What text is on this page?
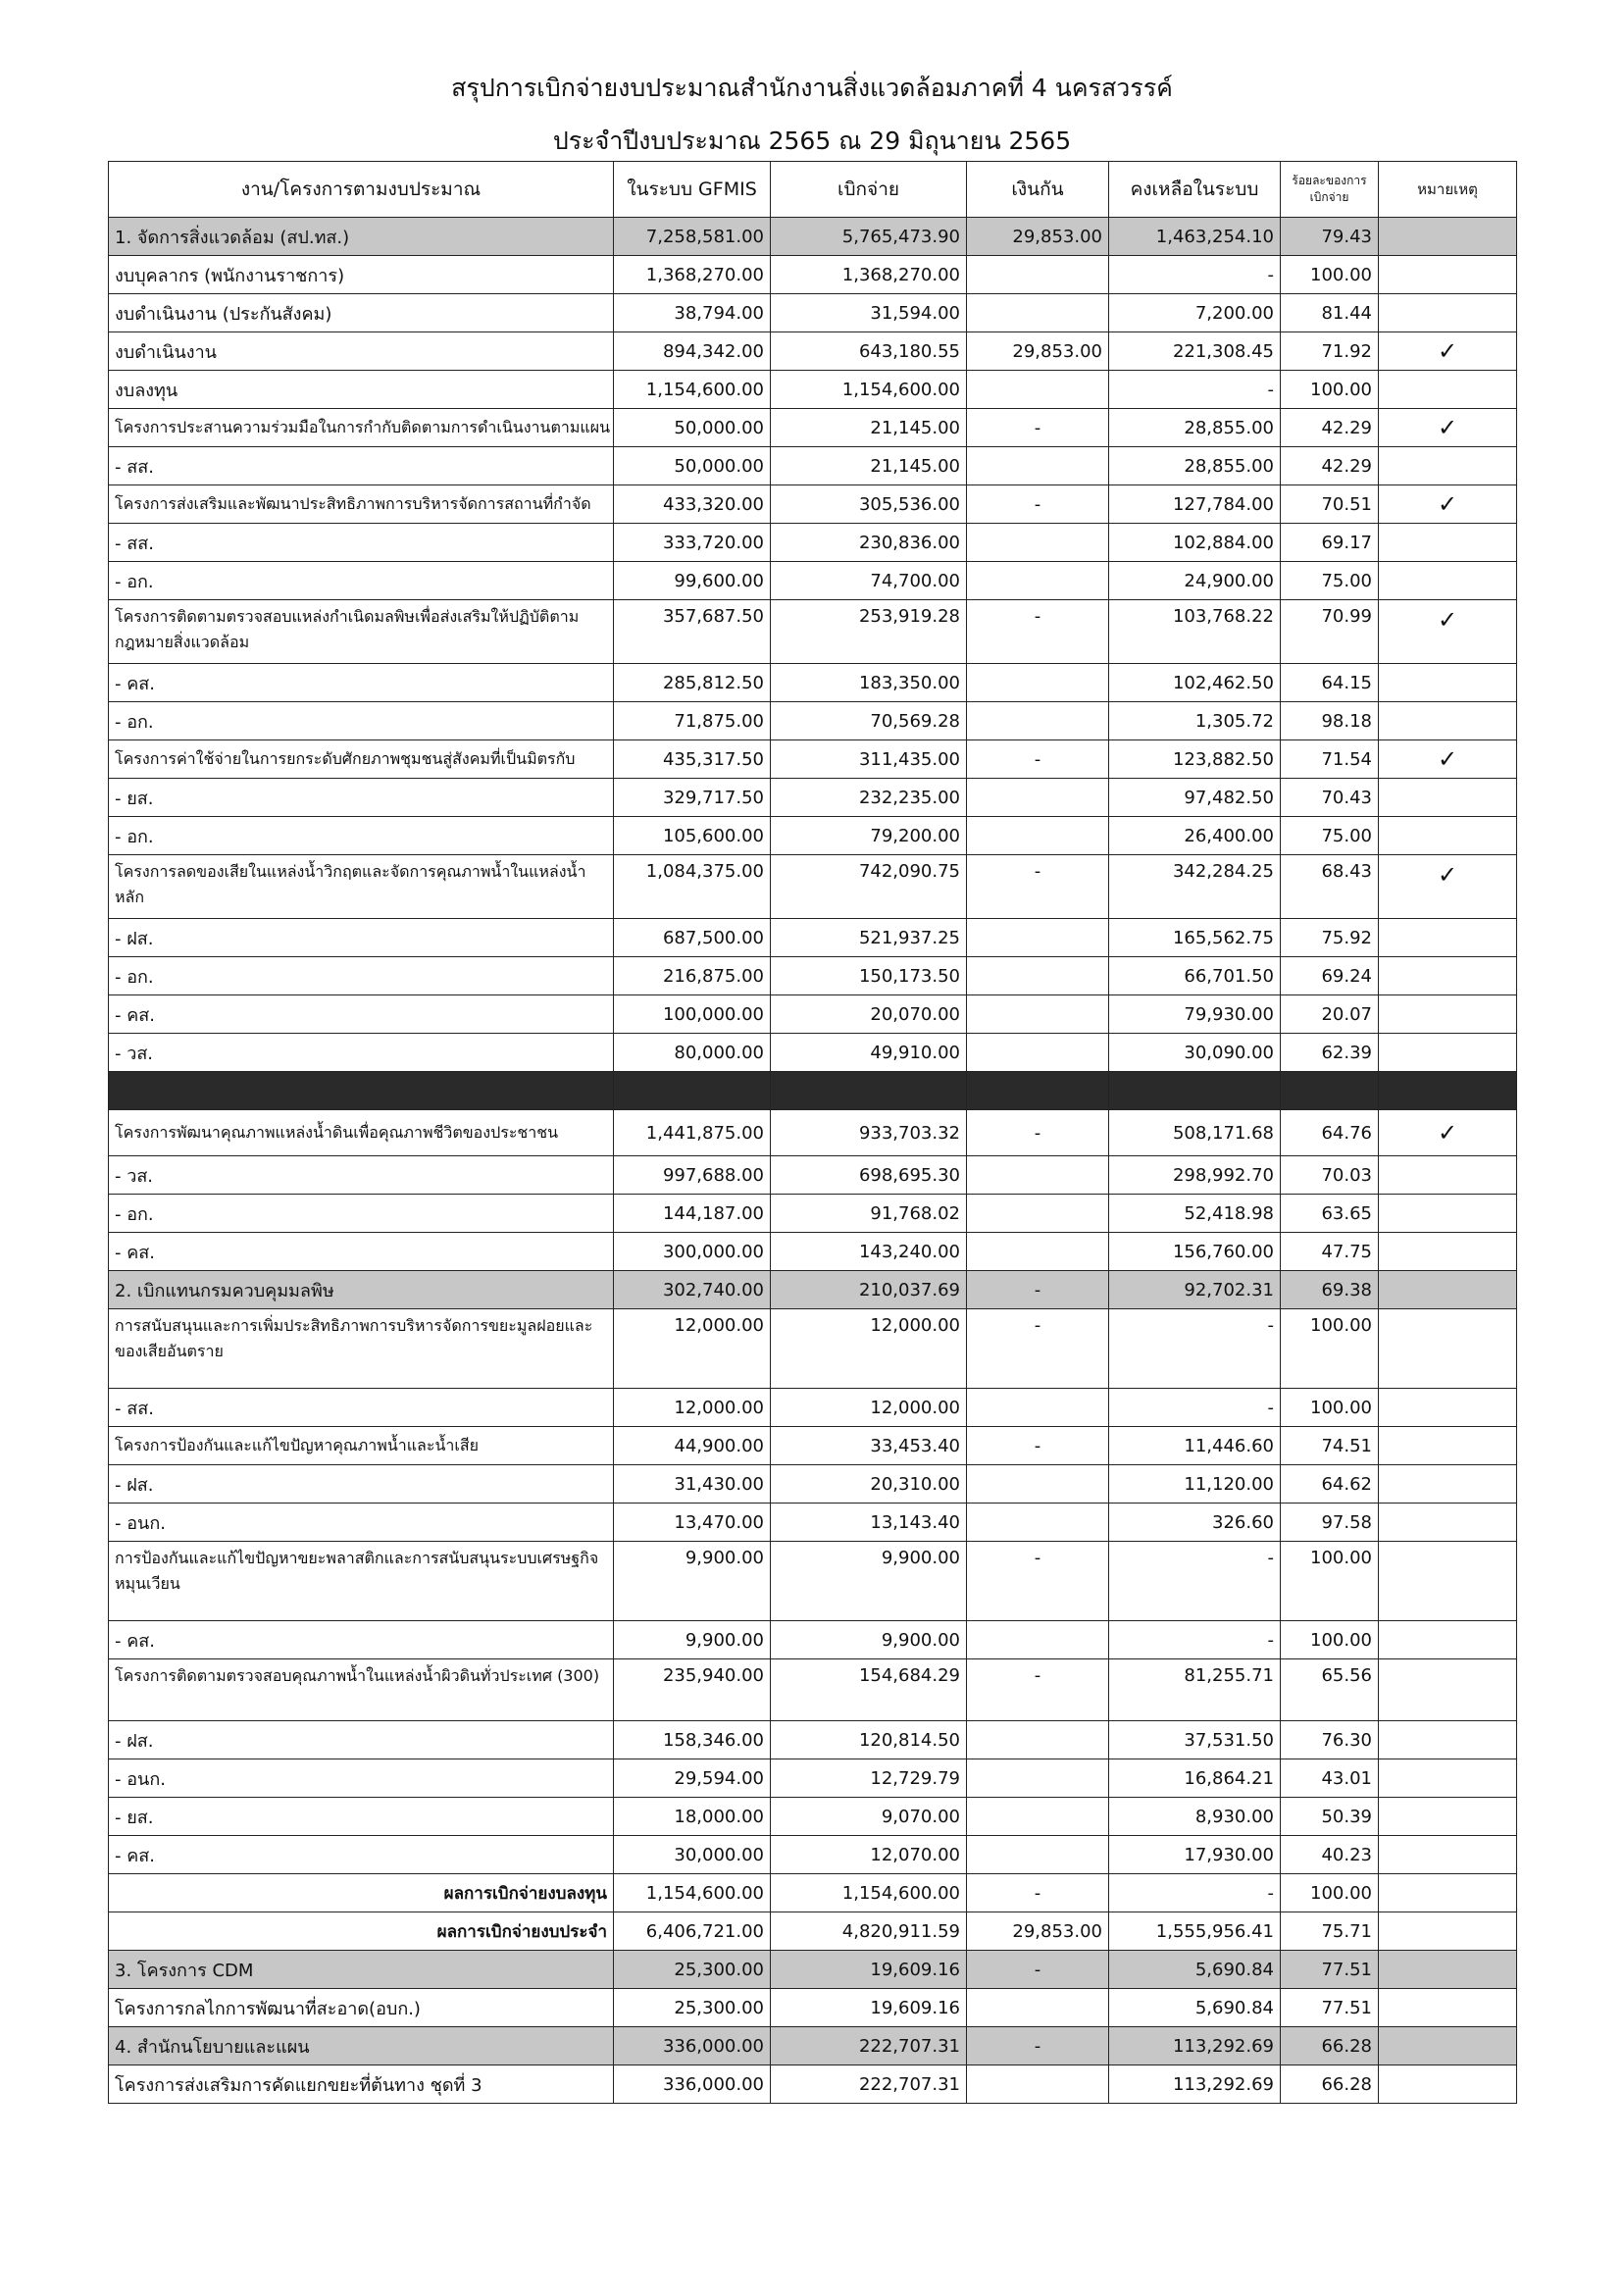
สรุปการเบิกจ่ายงบประมาณสำนักงานสิ่งแวดล้อมภาคที่ 4 นครสวรรค์
ประจำปีงบประมาณ 2565 ณ 29 มิถุนายน 2565
งาน/โครงการตามงบประมาณ	ในระบบ GFMIS	เบิกจ่าย	เงินกัน	คงเหลือในระบบ	ร้อยละของการเบิกจ่าย	หมายเหตุ
1. จัดการสิ่งแวดล้อม (สป.ทส.)	7,258,581.00	5,765,473.90	29,853.00	1,463,254.10	79.43	
งบบุคลากร (พนักงานราชการ)	1,368,270.00	1,368,270.00		-	100.00	
งบดำเนินงาน (ประกันสังคม)	38,794.00	31,594.00		7,200.00	81.44	
งบดำเนินงาน	894,342.00	643,180.55	29,853.00	221,308.45	71.92	✓
งบลงทุน	1,154,600.00	1,154,600.00		-	100.00	
โครงการประสานความร่วมมือในการกำกับติดตามการดำเนินงานตามแผน	50,000.00	21,145.00	-	28,855.00	42.29	✓
- สส.	50,000.00	21,145.00		28,855.00	42.29	
โครงการส่งเสริมและพัฒนาประสิทธิภาพการบริหารจัดการสถานที่กำจัด	433,320.00	305,536.00	-	127,784.00	70.51	✓
- สส.	333,720.00	230,836.00		102,884.00	69.17	
- อก.	99,600.00	74,700.00		24,900.00	75.00	
โครงการติดตามตรวจสอบแหล่งกำเนิดมลพิษเพื่อส่งเสริมให้ปฏิบัติตามกฎหมายสิ่งแวดล้อม	357,687.50	253,919.28	-	103,768.22	70.99	✓
- คส.	285,812.50	183,350.00		102,462.50	64.15	
- อก.	71,875.00	70,569.28		1,305.72	98.18	
โครงการค่าใช้จ่ายในการยกระดับศักยภาพชุมชนสู่สังคมที่เป็นมิตรกับ	435,317.50	311,435.00	-	123,882.50	71.54	✓
- ยส.	329,717.50	232,235.00		97,482.50	70.43	
- อก.	105,600.00	79,200.00		26,400.00	75.00	
โครงการลดของเสียในแหล่งน้ำวิกฤตและจัดการคุณภาพน้ำในแหล่งน้ำหลัก	1,084,375.00	742,090.75	-	342,284.25	68.43	✓
- ฝส.	687,500.00	521,937.25		165,562.75	75.92	
- อก.	216,875.00	150,173.50		66,701.50	69.24	
- คส.	100,000.00	20,070.00		79,930.00	20.07	
- วส.	80,000.00	49,910.00		30,090.00	62.39	

โครงการพัฒนาคุณภาพแหล่งน้ำดินเพื่อคุณภาพชีวิตของประชาชน	1,441,875.00	933,703.32	-	508,171.68	64.76	✓
- วส.	997,688.00	698,695.30		298,992.70	70.03	
- อก.	144,187.00	91,768.02		52,418.98	63.65	
- คส.	300,000.00	143,240.00		156,760.00	47.75	
2. เบิกแทนกรมควบคุมมลพิษ	302,740.00	210,037.69	-	92,702.31	69.38	
การสนับสนุนและการเพิ่มประสิทธิภาพการบริหารจัดการขยะมูลฝอยและของเสียอันตราย	12,000.00	12,000.00	-	-	100.00	
- สส.	12,000.00	12,000.00		-	100.00	
โครงการป้องกันและแก้ไขปัญหาคุณภาพน้ำและน้ำเสีย	44,900.00	33,453.40	-	11,446.60	74.51	
- ฝส.	31,430.00	20,310.00		11,120.00	64.62	
- อนก.	13,470.00	13,143.40		326.60	97.58	
การป้องกันและแก้ไขปัญหาขยะพลาสติกและการสนับสนุนระบบเศรษฐกิจหมุนเวียน	9,900.00	9,900.00	-	-	100.00	
- คส.	9,900.00	9,900.00		-	100.00	
โครงการติดตามตรวจสอบคุณภาพน้ำในแหล่งน้ำผิวดินทั่วประเทศ (300)	235,940.00	154,684.29	-	81,255.71	65.56	
- ฝส.	158,346.00	120,814.50		37,531.50	76.30	
- อนก.	29,594.00	12,729.79		16,864.21	43.01	
- ยส.	18,000.00	9,070.00		8,930.00	50.39	
- คส.	30,000.00	12,070.00		17,930.00	40.23	
ผลการเบิกจ่ายงบลงทุน	1,154,600.00	1,154,600.00	-	-	100.00	
ผลการเบิกจ่ายงบประจำ	6,406,721.00	4,820,911.59	29,853.00	1,555,956.41	75.71	
3. โครงการ CDM	25,300.00	19,609.16	-	5,690.84	77.51	
โครงการกลไกการพัฒนาที่สะอาด(อบก.)	25,300.00	19,609.16		5,690.84	77.51	
4. สำนักนโยบายและแผน	336,000.00	222,707.31	-	113,292.69	66.28	
โครงการส่งเสริมการคัดแยกขยะที่ต้นทาง ชุดที่ 3	336,000.00	222,707.31		113,292.69	66.28	
